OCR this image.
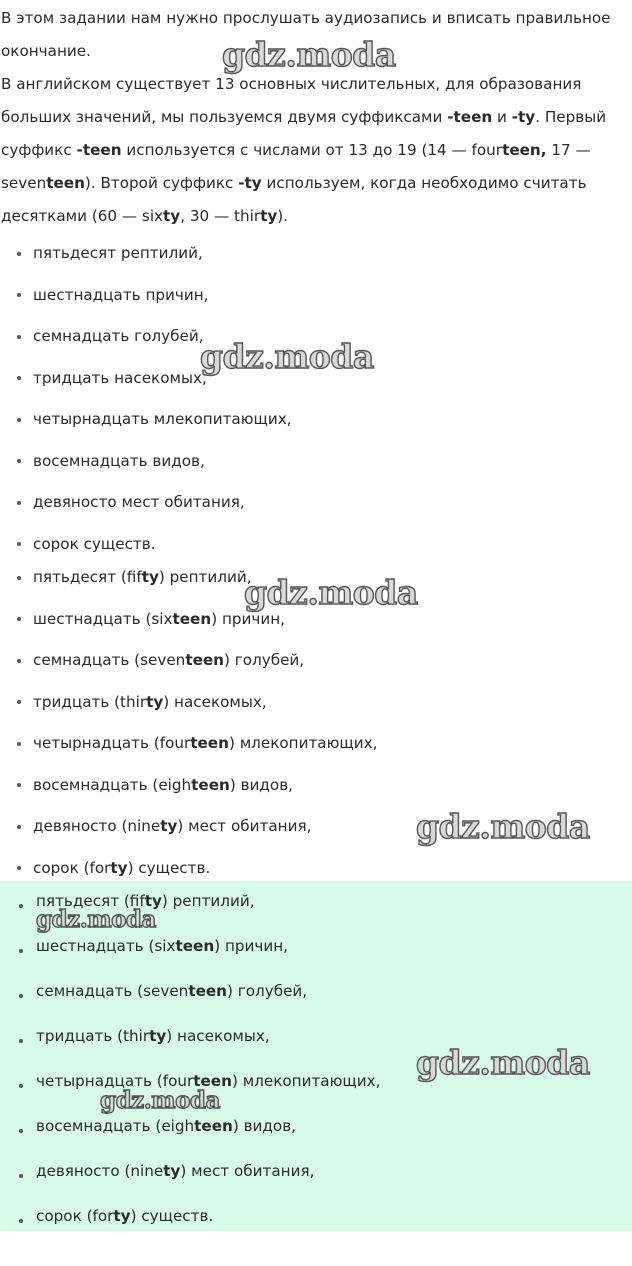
В этом задании нам нужно прослушать аудиозапись и вписать правильное окончание.
В английском существует 13 основных числительных, для образования больших значений, мы пользуемся двумя суффиксами -teen и -ty. Первый суффикс -teen используется с числами от 13 до 19 (14 — fourteen, 17 — seventeen). Второй суффикс -ty используем, когда необходимо считать десятками (60 — sixty, 30 — thirty).
пятьдесят рептилий,
шестнадцать причин,
семнадцать голубей,
тридцать насекомых,
четырнадцать млекопитающих,
восемнадцать видов,
девяносто мест обитания,
сорок существ.
пятьдесят (fifty) рептилий,
шестнадцать (sixteen) причин,
семнадцать (seventeen) голубей,
тридцать (thirty) насекомых,
четырнадцать (fourteen) млекопитающих,
восемнадцать (eighteen) видов,
девяносто (ninety) мест обитания,
сорок (forty) существ.
пятьдесят (fifty) рептилий,
шестнадцать (sixteen) причин,
семнадцать (seventeen) голубей,
тридцать (thirty) насекомых,
четырнадцать (fourteen) млекопитающих,
восемнадцать (eighteen) видов,
девяносто (ninety) мест обитания,
сорок (forty) существ.
gdz.moda
gdz.moda
gdz.moda
gdz.moda
gdz.moda
gdz.moda
gdz.moda
